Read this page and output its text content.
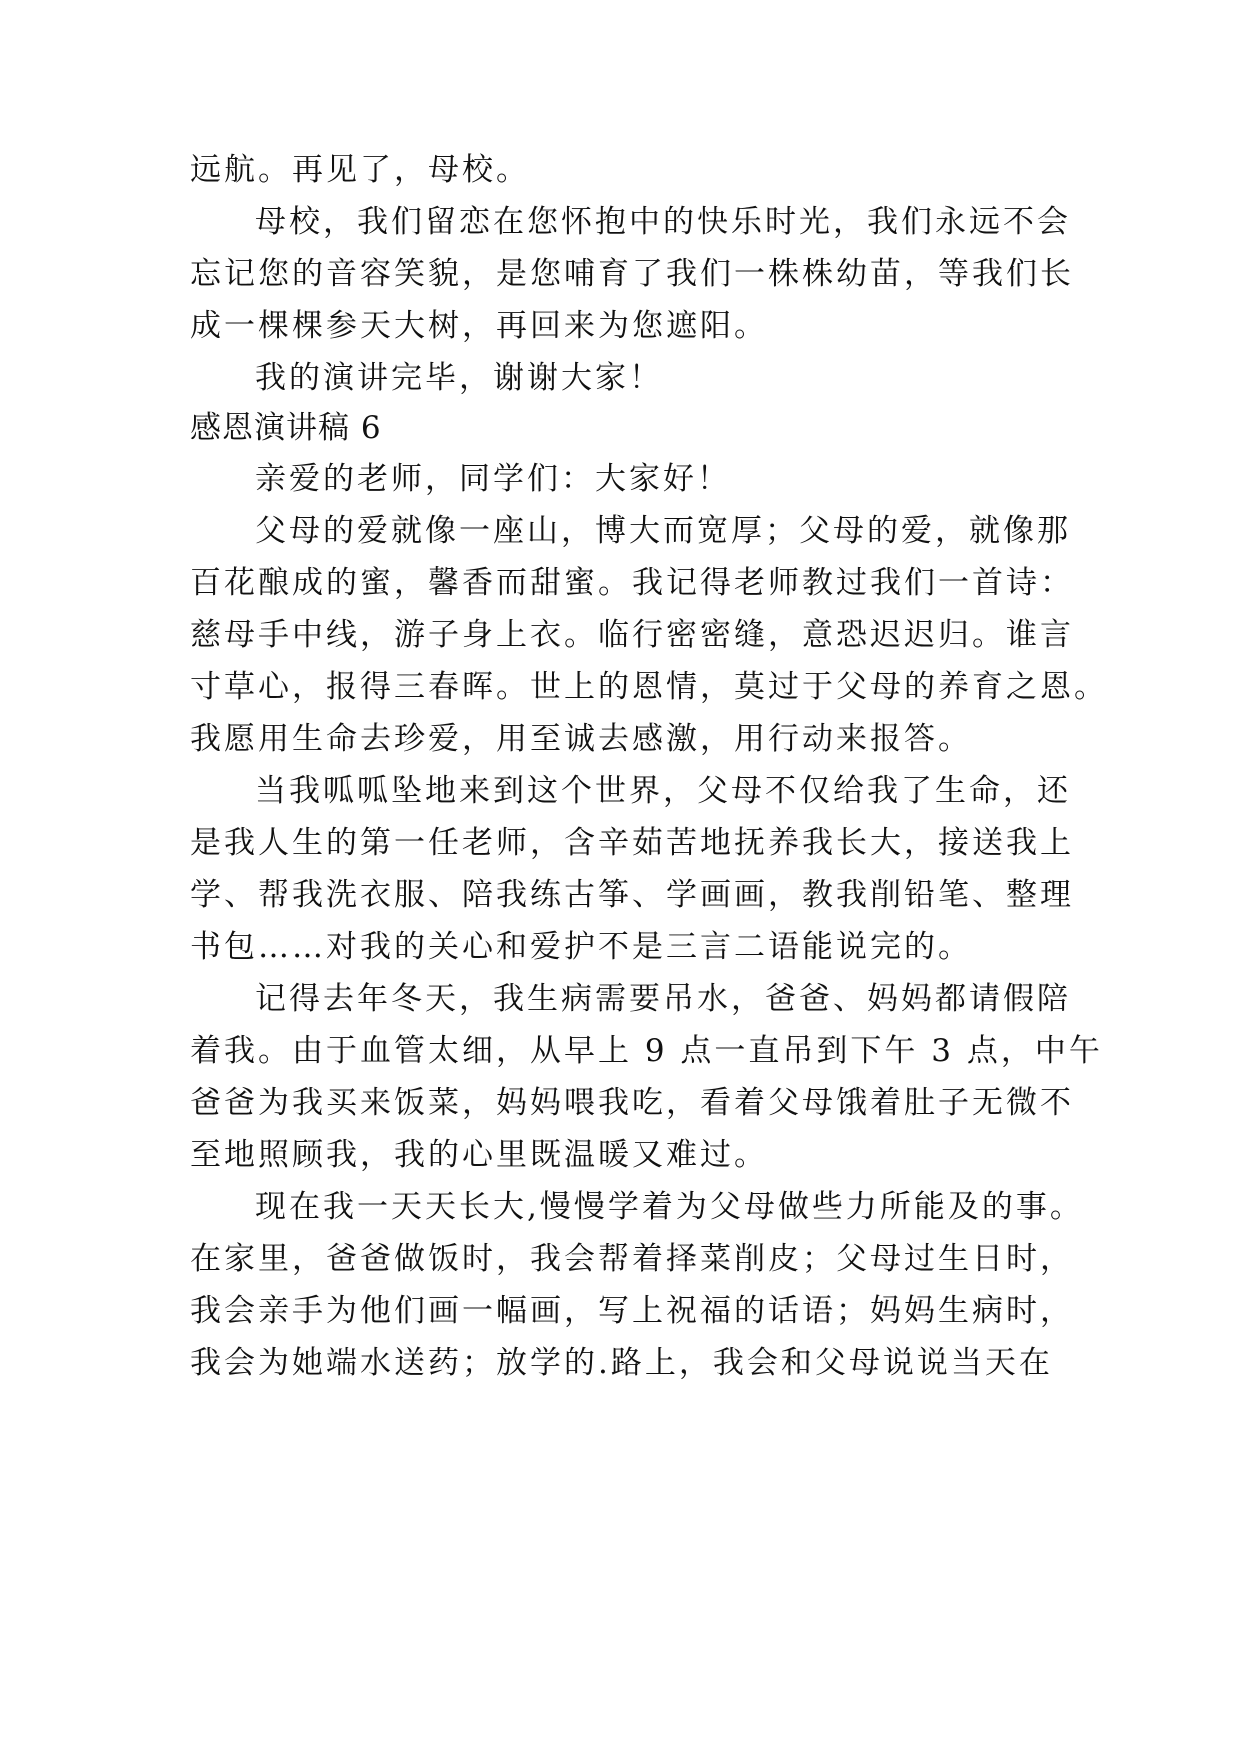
远航。再见了，母校。
母校，我们留恋在您怀抱中的快乐时光，我们永远不会
忘记您的音容笑貌，是您哺育了我们一株株幼苗，等我们长
成一棵棵参天大树，再回来为您遮阳。
我的演讲完毕，谢谢大家！
感恩演讲稿 6
亲爱的老师，同学们：大家好！
父母的爱就像一座山，博大而宽厚；父母的爱，就像那
百花酿成的蜜，馨香而甜蜜。我记得老师教过我们一首诗：
慈母手中线，游子身上衣。临行密密缝，意恐迟迟归。谁言
寸草心，报得三春晖。世上的恩情，莫过于父母的养育之恩。
我愿用生命去珍爱，用至诚去感激，用行动来报答。
当我呱呱坠地来到这个世界，父母不仅给我了生命，还
是我人生的第一任老师，含辛茹苦地抚养我长大，接送我上
学、帮我洗衣服、陪我练古筝、学画画，教我削铅笔、整理
书包……对我的关心和爱护不是三言二语能说完的。
记得去年冬天，我生病需要吊水，爸爸、妈妈都请假陪
着我。由于血管太细，从早上 9 点一直吊到下午 3 点，中午
爸爸为我买来饭菜，妈妈喂我吃，看着父母饿着肚子无微不
至地照顾我，我的心里既温暖又难过。
现在我一天天长大,慢慢学着为父母做些力所能及的事。
在家里，爸爸做饭时，我会帮着择菜削皮；父母过生日时，
我会亲手为他们画一幅画，写上祝福的话语；妈妈生病时，
我会为她端水送药；放学的.路上，我会和父母说说当天在
